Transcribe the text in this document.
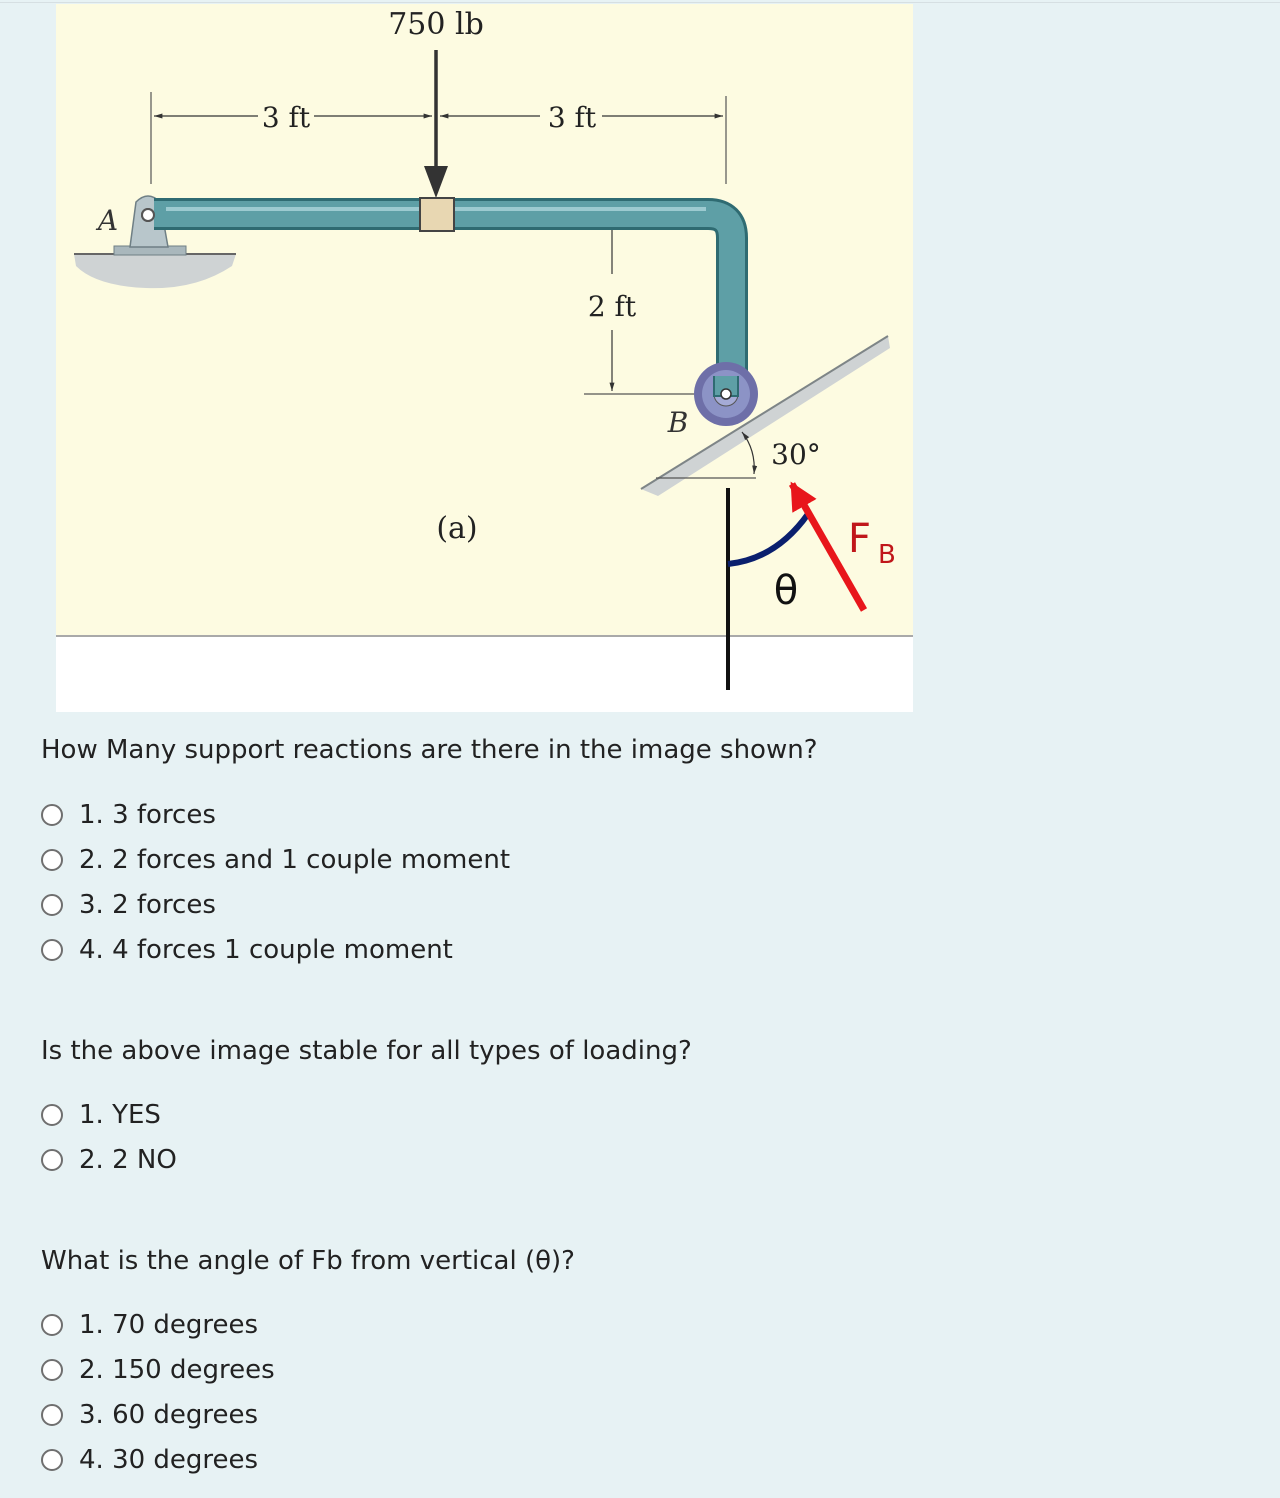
750 lb
3 ft	3 ft
2 ft
A
B
30°
(a)
θ
F B
How Many support reactions are there in the image shown?
1. 3 forces
2. 2 forces and 1 couple moment
3. 2 forces
4. 4 forces 1 couple moment
Is the above image stable for all types of loading?
1. YES
2. 2 NO
What is the angle of Fb from vertical (θ)?
1. 70 degrees
2. 150 degrees
3. 60 degrees
4. 30 degrees
